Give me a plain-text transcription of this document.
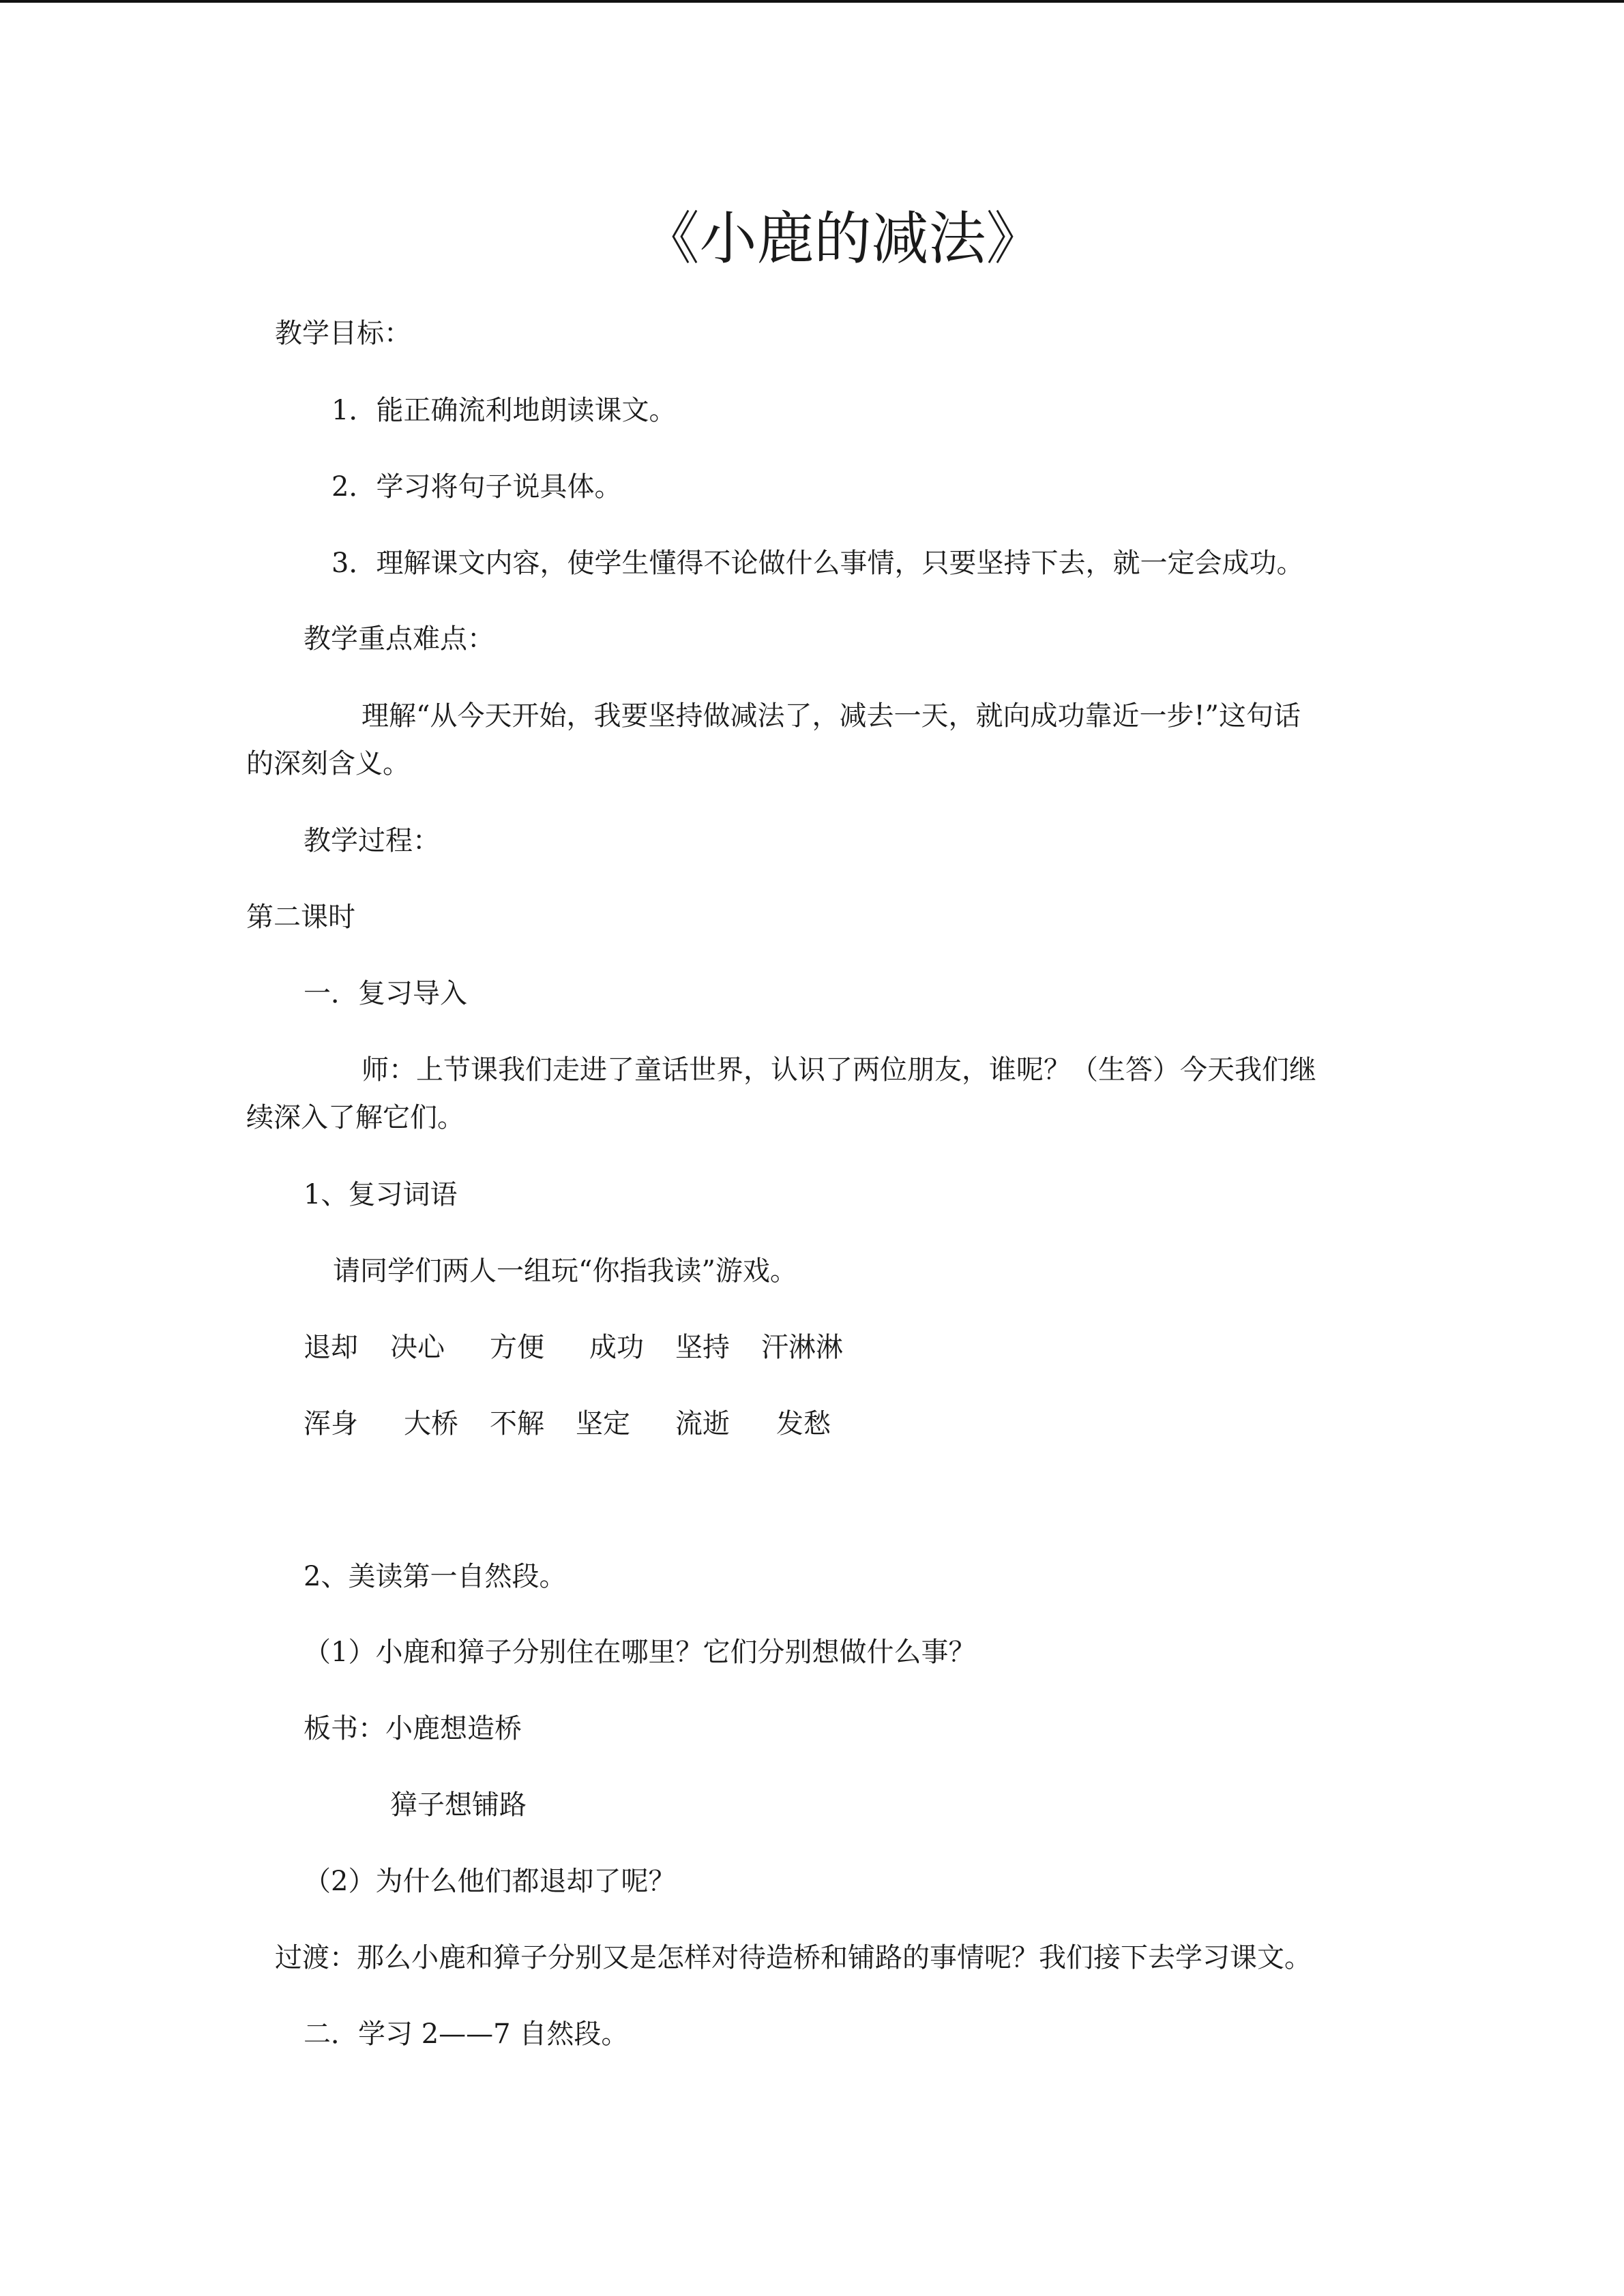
《小鹿的减法》
教学目标：
1．能正确流利地朗读课文。
2．学习将句子说具体。
3．理解课文内容，使学生懂得不论做什么事情，只要坚持下去，就一定会成功。
教学重点难点：
理解“从今天开始，我要坚持做减法了，减去一天，就向成功靠近一步!”这句话
的深刻含义。
教学过程：
第二课时
一．复习导入
师：上节课我们走进了童话世界，认识了两位朋友，谁呢？（生答）今天我们继
续深入了解它们。
1、复习词语
请同学们两人一组玩“你指我读”游戏。
退却 决心 方便 成功 坚持 汗淋淋
浑身 大桥 不解 坚定 流逝 发愁
2、美读第一自然段。
（1）小鹿和獐子分别住在哪里？它们分别想做什么事？
板书：小鹿想造桥
獐子想铺路
（2）为什么他们都退却了呢？
过渡：那么小鹿和獐子分别又是怎样对待造桥和铺路的事情呢？我们接下去学习课文。
二．学习 2——7 自然段。
